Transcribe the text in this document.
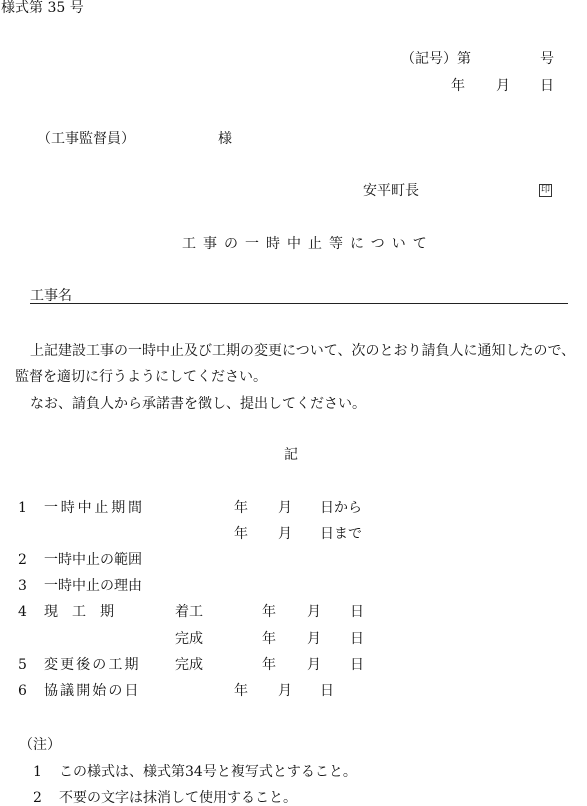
様式第 35 号
（記号）第	号
年 月 日
（工事監督員）	様
安平町長	印
工事の一時中止等について
工事名
上記建設工事の一時中止及び工期の変更について、次のとおり請負人に通知したので、
監督を適切に行うようにしてください。
なお、請負人から承諾書を徴し、提出してください。
記
1 一時中止期間	年 月 日から
年 月 日まで
2 一時中止の範囲
3 一時中止の理由
4 現　工　期	着工	年 月 日
完成	年 月 日
5 変更後の工期 完成	年 月 日
6 協議開始の日	年 月 日
（注）
1 この様式は、様式第34号と複写式とすること。
2 不要の文字は抹消して使用すること。
